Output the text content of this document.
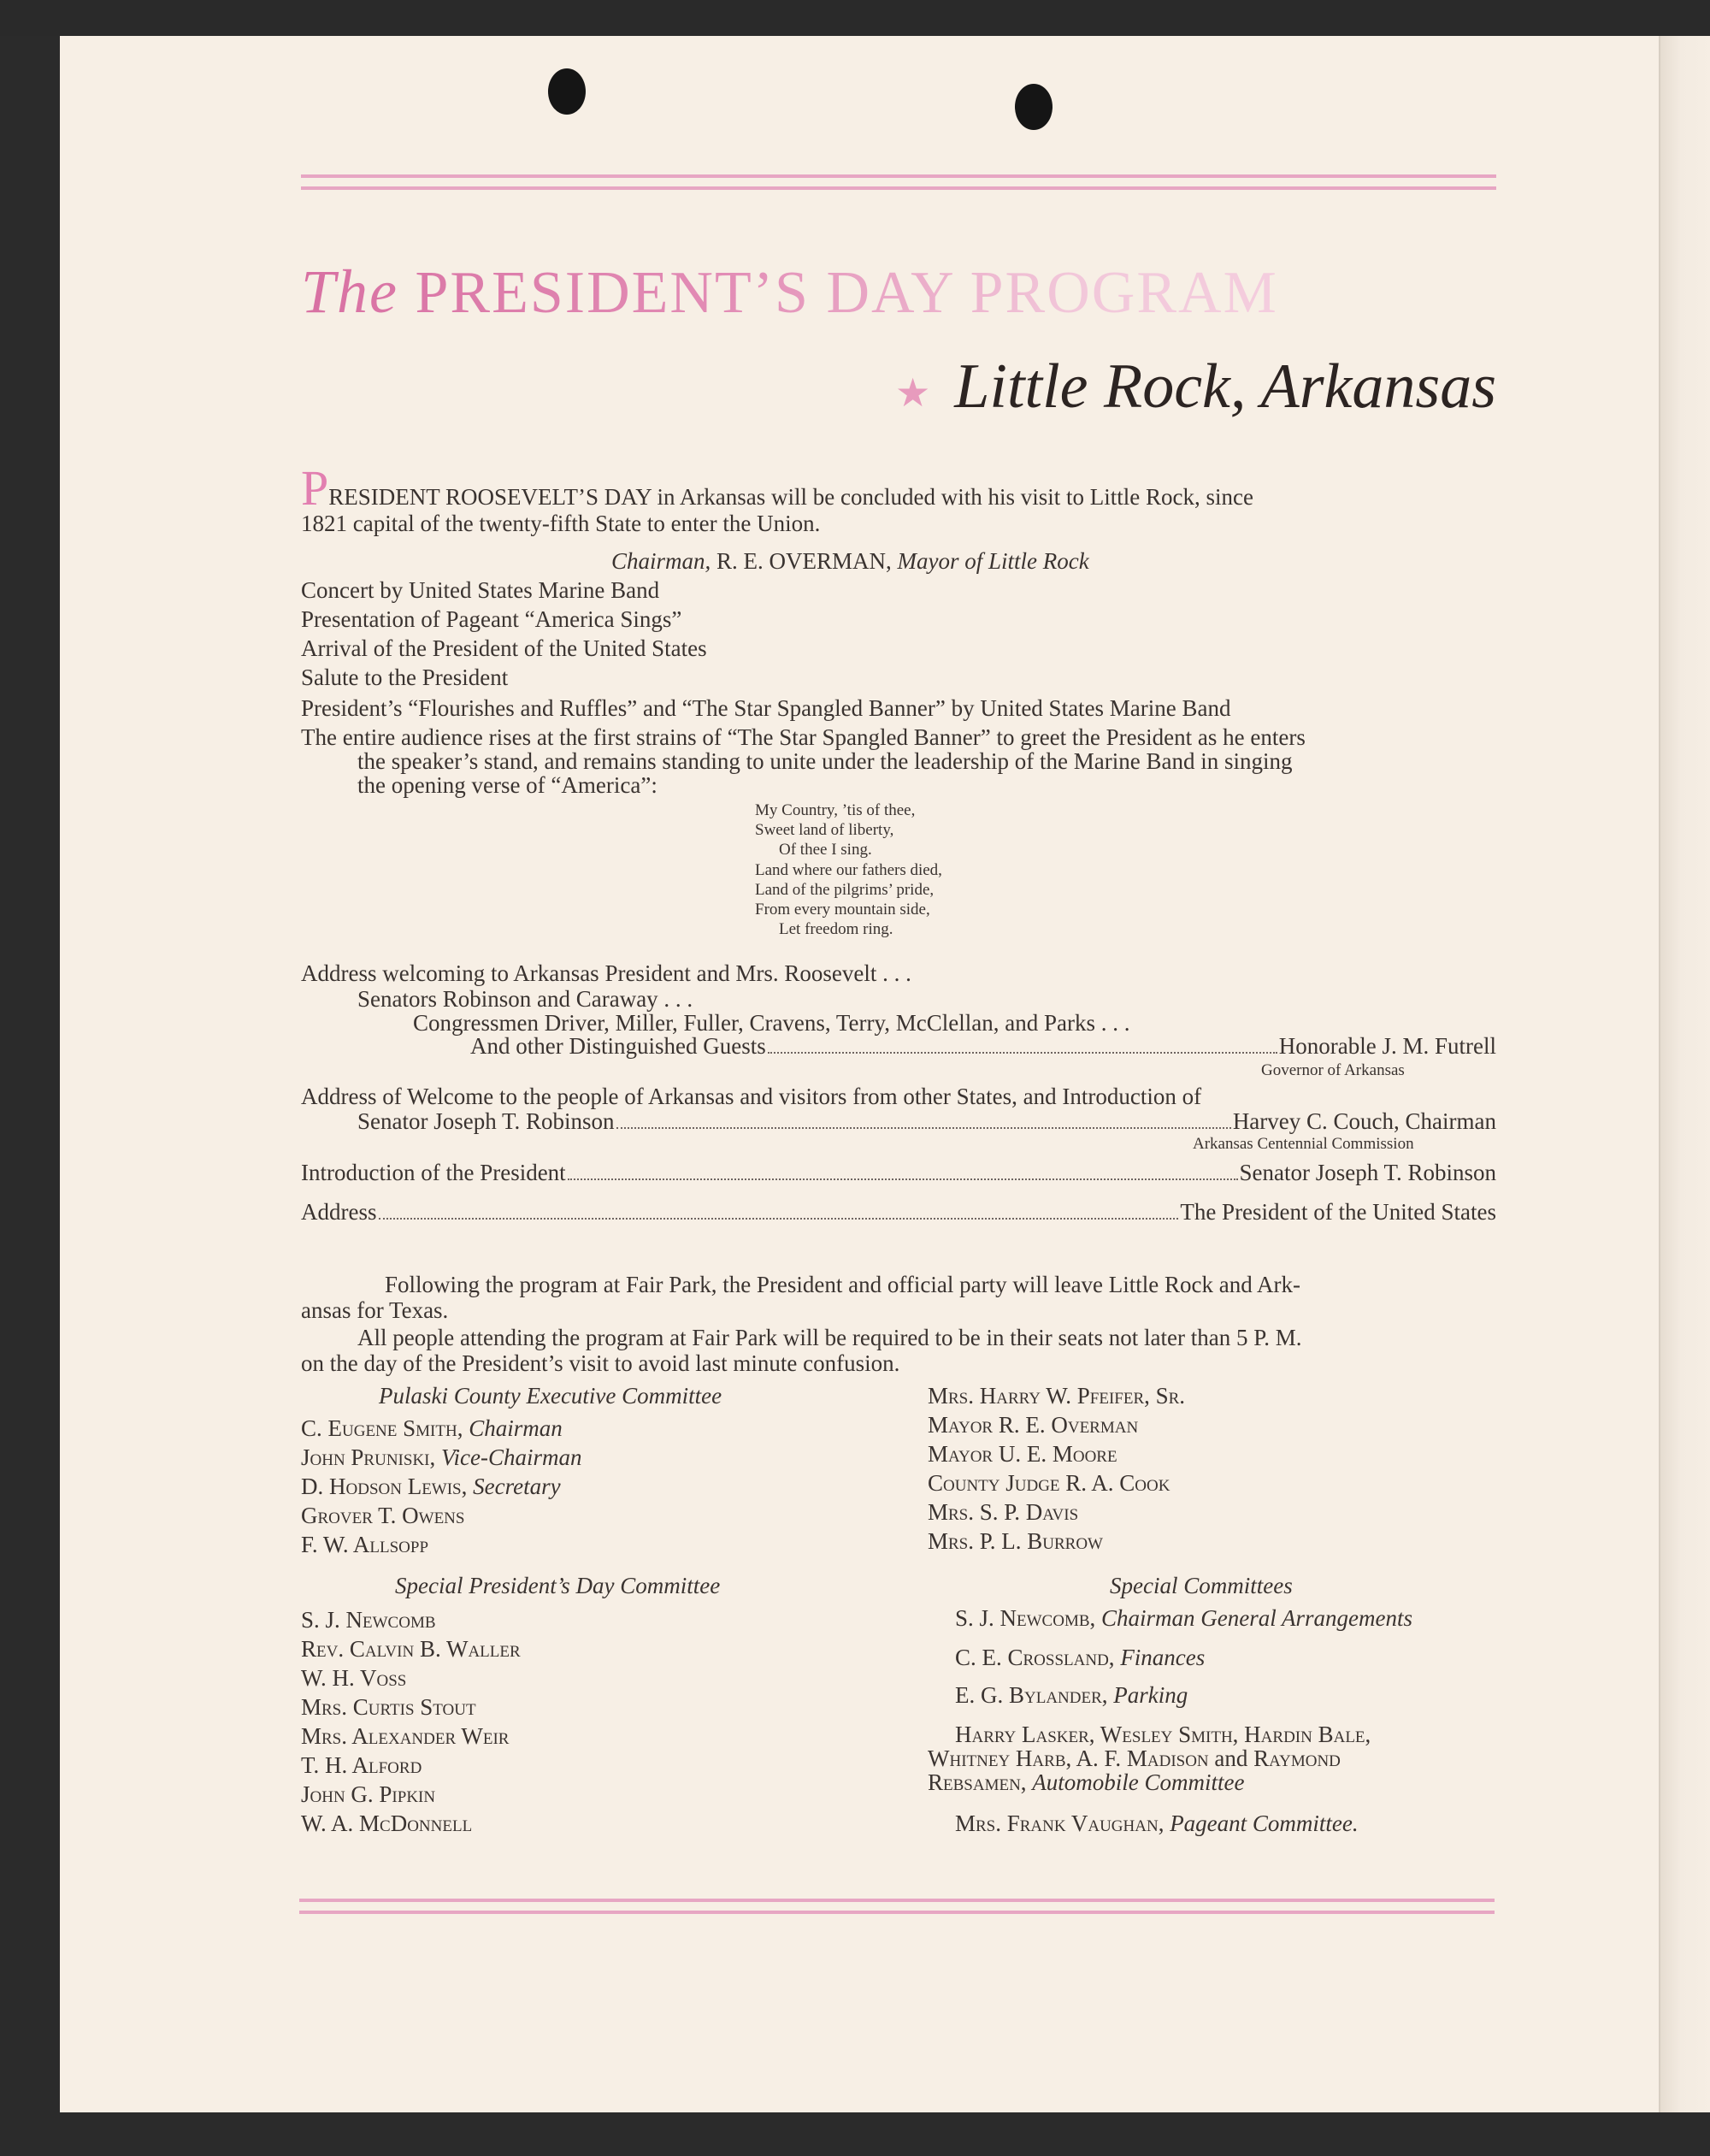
The PRESIDENT’S DAY PROGRAM
★ Little Rock, Arkansas
PRESIDENT ROOSEVELT’S DAY in Arkansas will be concluded with his visit to Little Rock, since
1821 capital of the twenty-fifth State to enter the Union.
Chairman, R. E. OVERMAN, Mayor of Little Rock
Concert by United States Marine Band
Presentation of Pageant “America Sings”
Arrival of the President of the United States
Salute to the President
President’s “Flourishes and Ruffles” and “The Star Spangled Banner” by United States Marine Band
The entire audience rises at the first strains of “The Star Spangled Banner” to greet the President as he enters
the speaker’s stand, and remains standing to unite under the leadership of the Marine Band in singing
the opening verse of “America”:
My Country, ’tis of thee,
Sweet land of liberty,
Of thee I sing.
Land where our fathers died,
Land of the pilgrims’ pride,
From every mountain side,
Let freedom ring.
Address welcoming to Arkansas President and Mrs. Roosevelt . . .
Senators Robinson and Caraway . . .
Congressmen Driver, Miller, Fuller, Cravens, Terry, McClellan, and Parks . . .
And other Distinguished Guests	Honorable J. M. Futrell
Governor of Arkansas
Address of Welcome to the people of Arkansas and visitors from other States, and Introduction of
Senator Joseph T. Robinson	Harvey C. Couch, Chairman
Arkansas Centennial Commission
Introduction of the President	Senator Joseph T. Robinson
Address	The President of the United States
Following the program at Fair Park, the President and official party will leave Little Rock and Ark-
ansas for Texas.
All people attending the program at Fair Park will be required to be in their seats not later than 5 P. M.
on the day of the President’s visit to avoid last minute confusion.
Pulaski County Executive Committee
C. Eugene Smith, Chairman
John Pruniski, Vice-Chairman
D. Hodson Lewis, Secretary
Grover T. Owens
F. W. Allsopp
Mrs. Harry W. Pfeifer, Sr.
Mayor R. E. Overman
Mayor U. E. Moore
County Judge R. A. Cook
Mrs. S. P. Davis
Mrs. P. L. Burrow
Special President’s Day Committee
S. J. Newcomb
Rev. Calvin B. Waller
W. H. Voss
Mrs. Curtis Stout
Mrs. Alexander Weir
T. H. Alford
John G. Pipkin
W. A. McDonnell
Special Committees
S. J. Newcomb, Chairman General Arrangements
C. E. Crossland, Finances
E. G. Bylander, Parking
Harry Lasker, Wesley Smith, Hardin Bale,
Whitney Harb, A. F. Madison and Raymond
Rebsamen, Automobile Committee
Mrs. Frank Vaughan, Pageant Committee.
